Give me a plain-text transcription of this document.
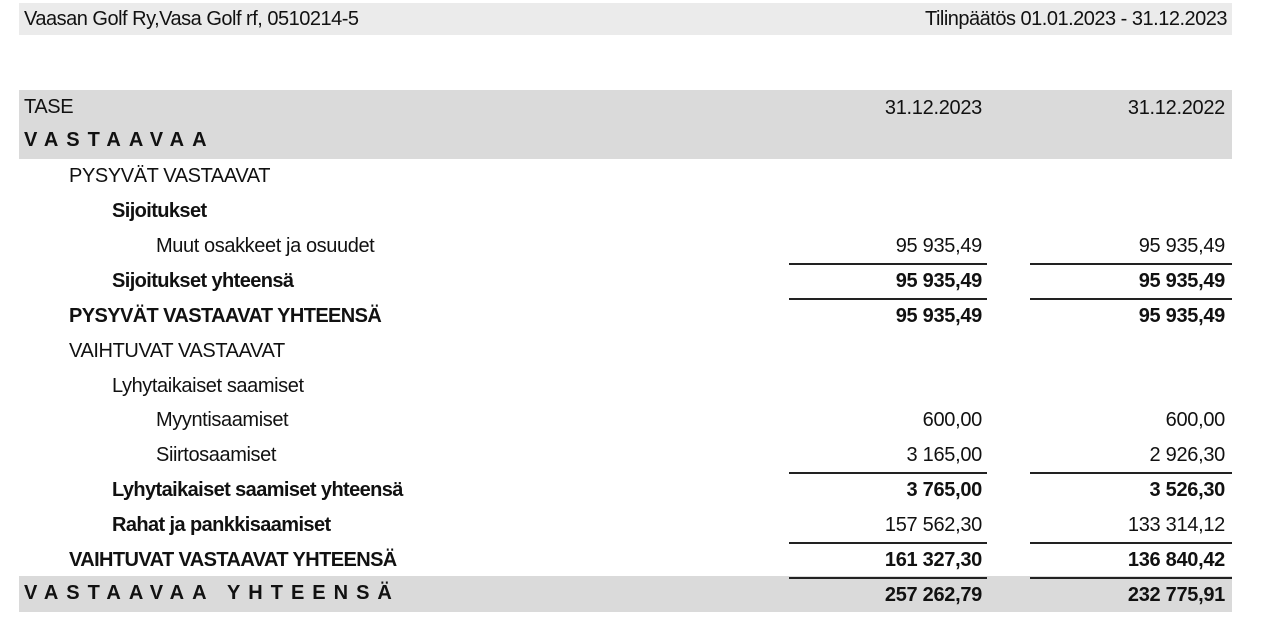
Vaasan Golf Ry,Vasa Golf rf, 0510214-5	Tilinpäätös 01.01.2023 - 31.12.2023
TASE	31.12.2023	31.12.2022
VASTAAVAA
PYSYVÄT VASTAAVAT
Sijoitukset
Muut osakkeet ja osuudet	95 935,49	95 935,49
Sijoitukset yhteensä	95 935,49	95 935,49
PYSYVÄT VASTAAVAT YHTEENSÄ	95 935,49	95 935,49
VAIHTUVAT VASTAAVAT
Lyhytaikaiset saamiset
Myyntisaamiset	600,00	600,00
Siirtosaamiset	3 165,00	2 926,30
Lyhytaikaiset saamiset yhteensä	3 765,00	3 526,30
Rahat ja pankkisaamiset	157 562,30	133 314,12
VAIHTUVAT VASTAAVAT YHTEENSÄ	161 327,30	136 840,42
VASTAAVAA YHTEENSÄ	257 262,79	232 775,91
